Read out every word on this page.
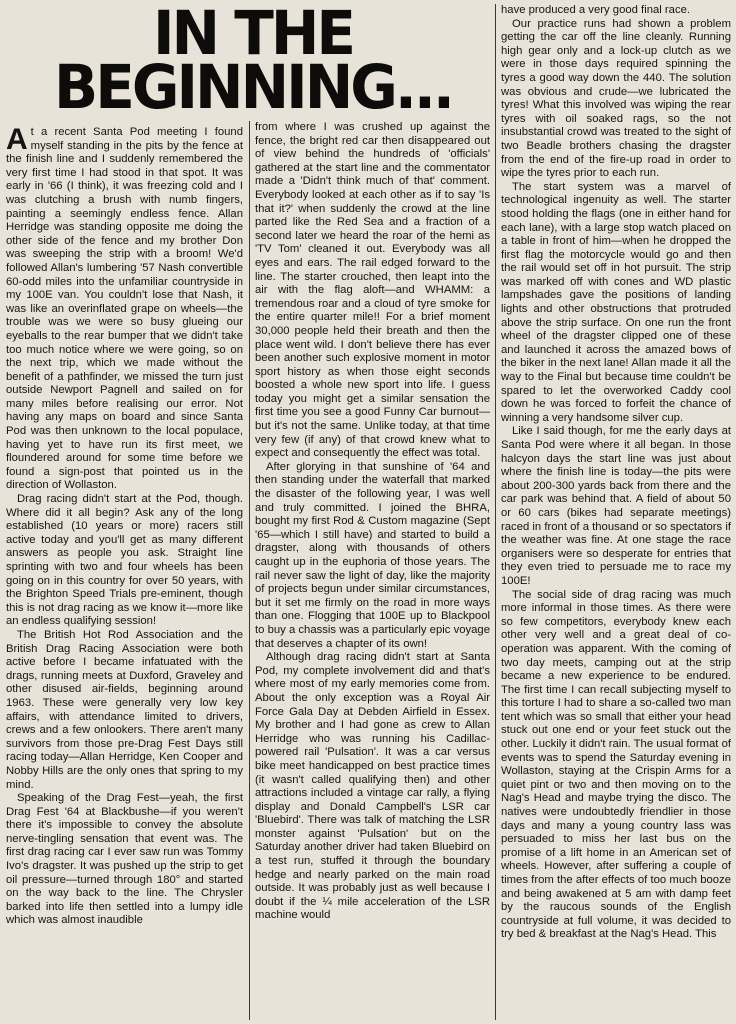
IN THE
BEGINNING...

At a recent Santa Pod meeting I found myself standing in the pits by the fence at the finish line and I suddenly remembered the very first time I had stood in that spot. It was early in '66 (I think), it was freezing cold and I was clutching a brush with numb fingers, painting a seemingly endless fence. Allan Herridge was standing opposite me doing the other side of the fence and my brother Don was sweeping the strip with a broom! We'd followed Allan's lumbering '57 Nash convertible 60-odd miles into the unfamiliar countryside in my 100E van. You couldn't lose that Nash, it was like an overinflated grape on wheels—the trouble was we were so busy glueing our eyeballs to the rear bumper that we didn't take too much notice where we were going, so on the next trip, which we made without the benefit of a pathfinder, we missed the turn just outside Newport Pagnell and sailed on for many miles before realising our error. Not having any maps on board and since Santa Pod was then unknown to the local populace, having yet to have run its first meet, we floundered around for some time before we found a sign-post that pointed us in the direction of Wollaston.

Drag racing didn't start at the Pod, though. Where did it all begin? Ask any of the long established (10 years or more) racers still active today and you'll get as many different answers as people you ask. Straight line sprinting with two and four wheels has been going on in this country for over 50 years, with the Brighton Speed Trials pre-eminent, though this is not drag racing as we know it—more like an endless qualifying session!

The British Hot Rod Association and the British Drag Racing Association were both active before I became infatuated with the drags, running meets at Duxford, Graveley and other disused air-fields, beginning around 1963. These were generally very low key affairs, with attendance limited to drivers, crews and a few onlookers. There aren't many survivors from those pre-Drag Fest Days still racing today—Allan Herridge, Ken Cooper and Nobby Hills are the only ones that spring to my mind.

Speaking of the Drag Fest—yeah, the first Drag Fest '64 at Blackbushe—if you weren't there it's impossible to convey the absolute nerve-tingling sensation that event was. The first drag racing car I ever saw run was Tommy Ivo's dragster. It was pushed up the strip to get oil pressure—turned through 180° and started on the way back to the line. The Chrysler barked into life then settled into a lumpy idle which was almost inaudible

from where I was crushed up against the fence, the bright red car then disappeared out of view behind the hundreds of 'officials' gathered at the start line and the commentator made a 'Didn't think much of that' comment. Everybody looked at each other as if to say 'Is that it?' when suddenly the crowd at the line parted like the Red Sea and a fraction of a second later we heard the roar of the hemi as 'TV Tom' cleaned it out. Everybody was all eyes and ears. The rail edged forward to the line. The starter crouched, then leapt into the air with the flag aloft—and WHAMM: a tremendous roar and a cloud of tyre smoke for the entire quarter mile!! For a brief moment 30,000 people held their breath and then the place went wild. I don't believe there has ever been another such explosive moment in motor sport history as when those eight seconds boosted a whole new sport into life. I guess today you might get a similar sensation the first time you see a good Funny Car burnout—but it's not the same. Unlike today, at that time very few (if any) of that crowd knew what to expect and consequently the effect was total.

After glorying in that sunshine of '64 and then standing under the waterfall that marked the disaster of the following year, I was well and truly committed. I joined the BHRA, bought my first Rod & Custom magazine (Sept '65—which I still have) and started to build a dragster, along with thousands of others caught up in the euphoria of those years. The rail never saw the light of day, like the majority of projects begun under similar circumstances, but it set me firmly on the road in more ways than one. Flogging that 100E up to Blackpool to buy a chassis was a particularly epic voyage that deserves a chapter of its own!

Although drag racing didn't start at Santa Pod, my complete involvement did and that's where most of my early memories come from. About the only exception was a Royal Air Force Gala Day at Debden Airfield in Essex. My brother and I had gone as crew to Allan Herridge who was running his Cadillac-powered rail 'Pulsation'. It was a car versus bike meet handicapped on best practice times (it wasn't called qualifying then) and other attractions included a vintage car rally, a flying display and Donald Campbell's LSR car 'Bluebird'. There was talk of matching the LSR monster against 'Pulsation' but on the Saturday another driver had taken Bluebird on a test run, stuffed it through the boundary hedge and nearly parked on the main road outside. It was probably just as well because I doubt if the ¼ mile acceleration of the LSR machine would

have produced a very good final race.

Our practice runs had shown a problem getting the car off the line cleanly. Running high gear only and a lock-up clutch as we were in those days required spinning the tyres a good way down the 440. The solution was obvious and crude—we lubricated the tyres! What this involved was wiping the rear tyres with oil soaked rags, so the not insubstantial crowd was treated to the sight of two Beadle brothers chasing the dragster from the end of the fire-up road in order to wipe the tyres prior to each run.

The start system was a marvel of technological ingenuity as well. The starter stood holding the flags (one in either hand for each lane), with a large stop watch placed on a table in front of him—when he dropped the first flag the motorcycle would go and then the rail would set off in hot pursuit. The strip was marked off with cones and WD plastic lampshades gave the positions of landing lights and other obstructions that protruded above the strip surface. On one run the front wheel of the dragster clipped one of these and launched it across the amazed bows of the biker in the next lane! Allan made it all the way to the Final but because time couldn't be spared to let the overworked Caddy cool down he was forced to forfeit the chance of winning a very handsome silver cup.

Like I said though, for me the early days at Santa Pod were where it all began. In those halcyon days the start line was just about where the finish line is today—the pits were about 200-300 yards back from there and the car park was behind that. A field of about 50 or 60 cars (bikes had separate meetings) raced in front of a thousand or so spectators if the weather was fine. At one stage the race organisers were so desperate for entries that they even tried to persuade me to race my 100E!

The social side of drag racing was much more informal in those times. As there were so few competitors, everybody knew each other very well and a great deal of co-operation was apparent. With the coming of two day meets, camping out at the strip became a new experience to be endured. The first time I can recall subjecting myself to this torture I had to share a so-called two man tent which was so small that either your head stuck out one end or your feet stuck out the other. Luckily it didn't rain. The usual format of events was to spend the Saturday evening in Wollaston, staying at the Crispin Arms for a quiet pint or two and then moving on to the Nag's Head and maybe trying the disco. The natives were undoubtedly friendlier in those days and many a young country lass was persuaded to miss her last bus on the promise of a lift home in an American set of wheels. However, after suffering a couple of times from the after effects of too much booze and being awakened at 5 am with damp feet by the raucous sounds of the English countryside at full volume, it was decided to try bed & breakfast at the Nag's Head. This
